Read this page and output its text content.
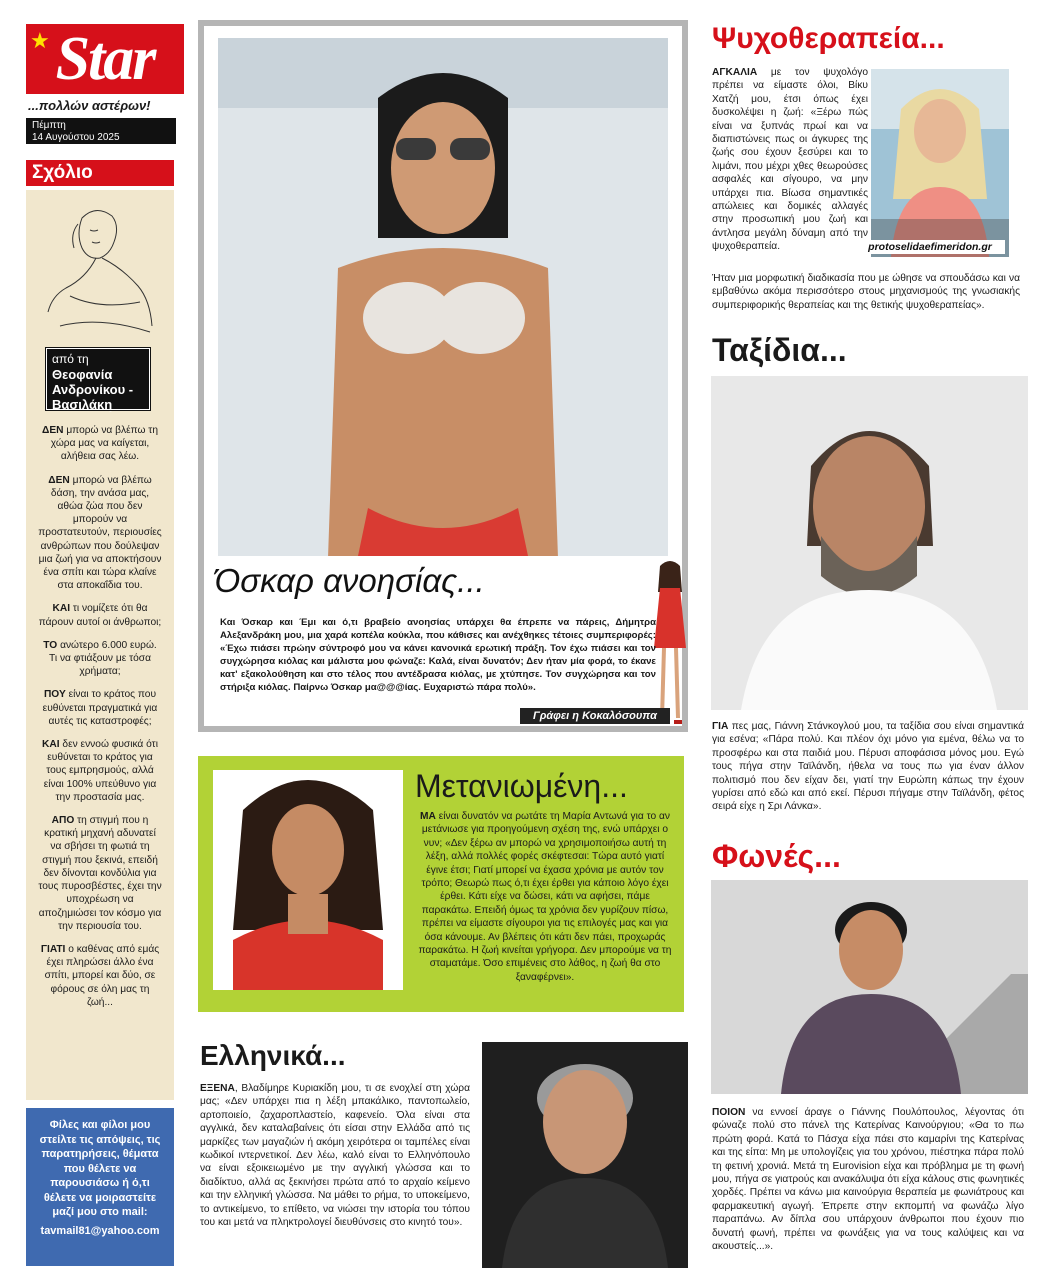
Star
★
...πολλών αστέρων!
Πέμπτη
14 Αυγούστου 2025
Σχόλιο
από τη
Θεοφανία Ανδρονίκου - Βασιλάκη

ΔΕΝ μπορώ να βλέπω τη χώρα μας να καίγεται, αλήθεια σας λέω.

ΔΕΝ μπορώ να βλέπω δάση, την ανάσα μας, αθώα ζώα που δεν μπορούν να προστατευτούν, περιουσίες ανθρώπων που δούλεψαν μια ζωή για να αποκτήσουν ένα σπίτι και τώρα κλαίνε στα αποκαΐδια του.

ΚΑΙ τι νομίζετε ότι θα πάρουν αυτοί οι άνθρωποι;

ΤΟ ανώτερο 6.000 ευρώ. Τι να φτιάξουν με τόσα χρήματα;

ΠΟΥ είναι το κράτος που ευθύνεται πραγματικά για αυτές τις καταστροφές;

ΚΑΙ δεν εννοώ φυσικά ότι ευθύνεται το κράτος για τους εμπρησμούς, αλλά είναι 100% υπεύθυνο για την προστασία μας.

ΑΠΟ τη στιγμή που η κρατική μηχανή αδυνατεί να σβήσει τη φωτιά τη στιγμή που ξεκινά, επειδή δεν δίνονται κονδύλια για τους πυροσβέστες, έχει την υποχρέωση να αποζημιώσει τον κόσμο για την περιουσία του.

ΓΙΑΤΙ ο καθένας από εμάς έχει πληρώσει άλλο ένα σπίτι, μπορεί και δύο, σε φόρους σε όλη μας τη ζωή...

Φίλες και φίλοι μου στείλτε τις απόψεις, τις παρατηρήσεις, θέματα που θέλετε να παρουσιάσω ή ό,τι θέλετε να μοιραστείτε μαζί μου στο mail:
tavmail81@yahoo.com
Όσκαρ ανοησίας...
Και Όσκαρ και Έμι και ό,τι βραβείο ανοησίας υπάρχει θα έπρεπε να πάρεις, Δήμητρα Αλεξανδράκη μου, μια χαρά κοπέλα κούκλα, που κάθισες και ανέχθηκες τέτοιες συμπεριφορές: «Έχω πιάσει πρώην σύντροφό μου να κάνει κανονικά ερωτική πράξη. Τον έχω πιάσει και τον συγχώρησα κιόλας και μάλιστα μου φώναζε: Καλά, είναι δυνατόν; Δεν ήταν μία φορά, το έκανε κατ' εξακολούθηση και στο τέλος που αντέδρασα κιόλας, με χτύπησε. Τον συγχώρησα και τον στήριξα κιόλας. Παίρνω Όσκαρ μα@@@ίας. Ευχαριστώ πάρα πολύ».
Γράφει η Κοκαλόσουπα
Μετανιωμένη...
ΜΑ είναι δυνατόν να ρωτάτε τη Μαρία Αντωνά για το αν μετάνιωσε για προηγούμενη σχέση της, ενώ υπάρχει ο νυν; «Δεν ξέρω αν μπορώ να χρησιμοποιήσω αυτή τη λέξη, αλλά πολλές φορές σκέφτεσαι: Τώρα αυτό γιατί έγινε έτσι; Γιατί μπορεί να έχασα χρόνια με αυτόν τον τρόπο; Θεωρώ πως ό,τι έχει έρθει για κάποιο λόγο έχει έρθει. Κάτι είχε να δώσει, κάτι να αφήσει, πάμε παρακάτω. Επειδή όμως τα χρόνια δεν γυρίζουν πίσω, πρέπει να είμαστε σίγουροι για τις επιλογές μας και για όσα κάνουμε. Αν βλέπεις ότι κάτι δεν πάει, προχωράς παρακάτω. Η ζωή κινείται γρήγορα. Δεν μπορούμε να τη σταματάμε. Όσο επιμένεις στο λάθος, η ζωή θα στο ξαναφέρνει».
Ελληνικά...
ΕΞΕΝΑ, Βλαδίμηρε Κυριακίδη μου, τι σε ενοχλεί στη χώρα μας; «Δεν υπάρχει πια η λέξη μπακάλικο, παντοπωλείο, αρτοποιείο, ζαχαροπλαστείο, καφενείο. Όλα είναι στα αγγλικά, δεν καταλαβαίνεις ότι είσαι στην Ελλάδα από τις μαρκίζες των μαγαζιών ή ακόμη χειρότερα οι ταμπέλες είναι κωδικοί ιντερνετικοί. Δεν λέω, καλό είναι το Ελληνόπουλο να είναι εξοικειωμένο με την αγγλική γλώσσα και το διαδίκτυο, αλλά ας ξεκινήσει πρώτα από το αρχαίο κείμενο και την ελληνική γλώσσα. Να μάθει το ρήμα, το υποκείμενο, το αντικείμενο, το επίθετο, να νιώσει την ιστορία του τόπου του και μετά να πληκτρολογεί διευθύνσεις στο κινητό του».
Ψυχοθεραπεία...
protoselidaefimeridon.gr
ΑΓΚΑΛΙΑ με τον ψυχολόγο πρέπει να είμαστε όλοι, Βίκυ Χατζή μου, έτσι όπως έχει δυσκολέψει η ζωή: «Ξέρω πώς είναι να ξυπνάς πρωί και να διαπιστώνεις πως οι άγκυρες της ζωής σου έχουν ξεσύρει και το λιμάνι, που μέχρι χθες θεωρούσες ασφαλές και σίγουρο, να μην υπάρχει πια. Βίωσα σημαντικές απώλειες και δομικές αλλαγές στην προσωπική μου ζωή και άντλησα μεγάλη δύναμη από την ψυχοθεραπεία.
Ήταν μια μορφωτική διαδικασία που με ώθησε να σπουδάσω και να εμβαθύνω ακόμα περισσότερο στους μηχανισμούς της γνωσιακής συμπεριφορικής θεραπείας και της θετικής ψυχοθεραπείας».
Ταξίδια...
ΓΙΑ πες μας, Γιάννη Στάνκογλού μου, τα ταξίδια σου είναι σημαντικά για εσένα; «Πάρα πολύ. Και πλέον όχι μόνο για εμένα, θέλω να το προσφέρω και στα παιδιά μου. Πέρυσι αποφάσισα μόνος μου. Εγώ τους πήγα στην Ταϊλάνδη, ήθελα να τους πω για έναν άλλον πολιτισμό που δεν είχαν δει, γιατί την Ευρώπη κάπως την έχουν γυρίσει από εδώ και από εκεί. Πέρυσι πήγαμε στην Ταϊλάνδη, φέτος σειρά είχε η Σρι Λάνκα».
Φωνές...
ΠΟΙΟΝ να εννοεί άραγε ο Γιάννης Πουλόπουλος, λέγοντας ότι φώναζε πολύ στο πάνελ της Κατερίνας Καινούργιου; «Θα το πω πρώτη φορά. Κατά το Πάσχα είχα πάει στο καμαρίνι της Κατερίνας και της είπα: Μη με υπολογίζεις για του χρόνου, πιέστηκα πάρα πολύ τη φετινή χρονιά. Μετά τη Eurovision είχα και πρόβλημα με τη φωνή μου, πήγα σε γιατρούς και ανακάλυψα ότι είχα κάλους στις φωνητικές χορδές. Πρέπει να κάνω μια καινούργια θεραπεία με φωνιάτρους και φαρμακευτική αγωγή. Έπρεπε στην εκπομπή να φωνάζω λίγο παραπάνω. Αν δίπλα σου υπάρχουν άνθρωποι που έχουν πιο δυνατή φωνή, πρέπει να φωνάξεις για να τους καλύψεις και να ακουστείς...».
